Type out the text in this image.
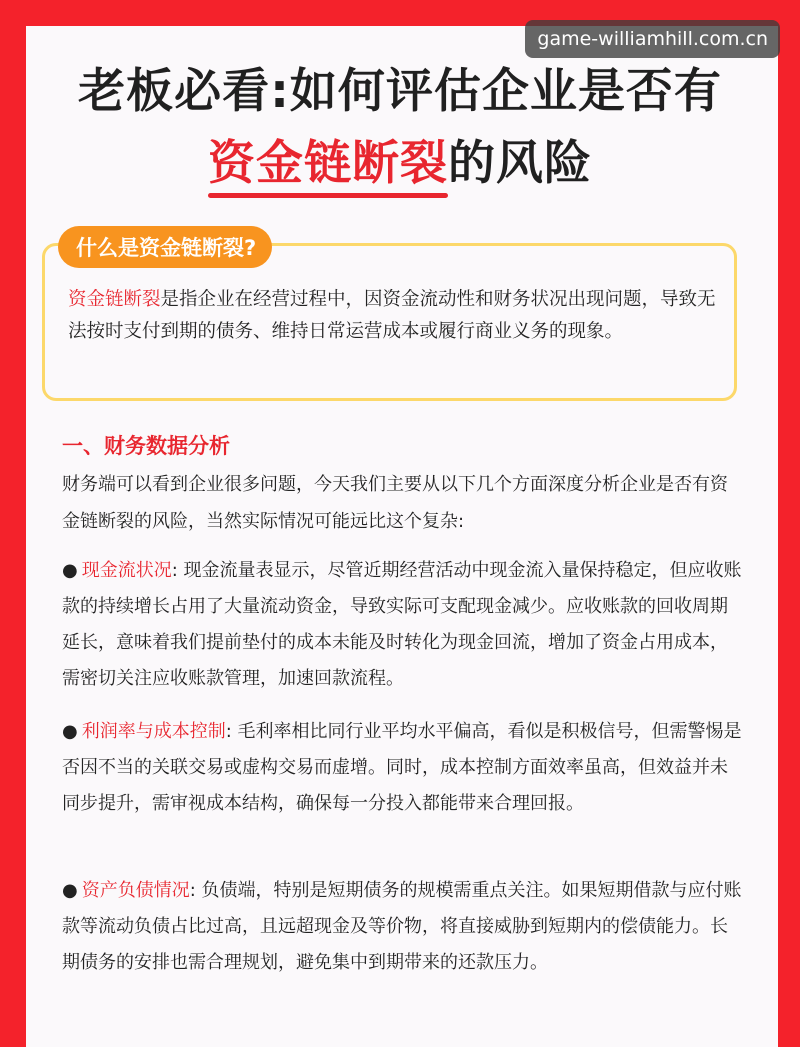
game-williamhill.com.cn
老板必看:如何评估企业是否有
资金链断裂的风险
什么是资金链断裂?
资金链断裂是指企业在经营过程中，因资金流动性和财务状况出现问题，导致无法按时支付到期的债务、维持日常运营成本或履行商业义务的现象。
一、财务数据分析
财务端可以看到企业很多问题，今天我们主要从以下几个方面深度分析企业是否有资金链断裂的风险，当然实际情况可能远比这个复杂:
● 现金流状况: 现金流量表显示，尽管近期经营活动中现金流入量保持稳定，但应收账款的持续增长占用了大量流动资金，导致实际可支配现金减少。应收账款的回收周期延长，意味着我们提前垫付的成本未能及时转化为现金回流，增加了资金占用成本，需密切关注应收账款管理，加速回款流程。
● 利润率与成本控制: 毛利率相比同行业平均水平偏高，看似是积极信号，但需警惕是否因不当的关联交易或虚构交易而虚增。同时，成本控制方面效率虽高，但效益并未同步提升，需审视成本结构，确保每一分投入都能带来合理回报。
● 资产负债情况: 负债端，特别是短期债务的规模需重点关注。如果短期借款与应付账款等流动负债占比过高，且远超现金及等价物，将直接威胁到短期内的偿债能力。长期债务的安排也需合理规划，避免集中到期带来的还款压力。
